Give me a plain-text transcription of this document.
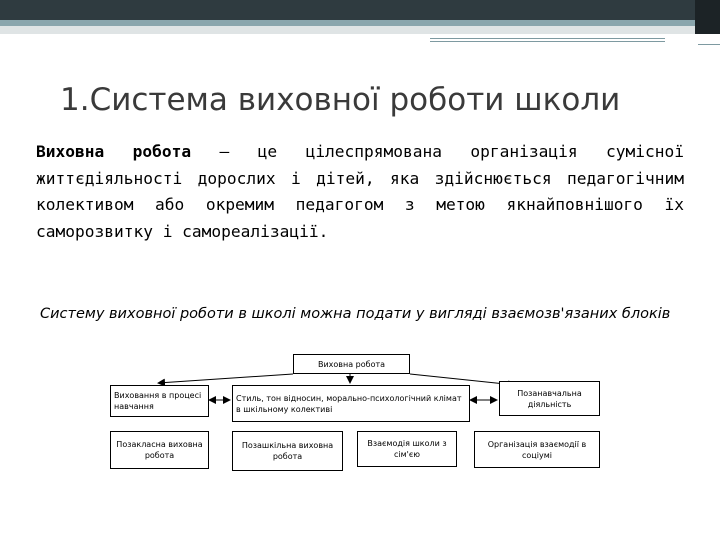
1.Система виховної роботи школи
Виховна робота — це цілеспрямована організація сумісної життєдіяльності дорослих і дітей, яка здійснюється педагогічним колективом або окремим педагогом з метою якнайповнішого їх саморозвитку і самореалізації.
Систему виховної роботи в школі можна подати у вигляді взаємозв'язаних блоків
Виховна робота
Виховання в процесі навчання
Стиль, тон відносин, морально-психологічний клімат в шкільному колективі
Позанавчальна діяльність
Позакласна виховна робота
Позашкільна виховна робота
Взаємодія школи з сім'єю
Організація взаємодії в соціумі
